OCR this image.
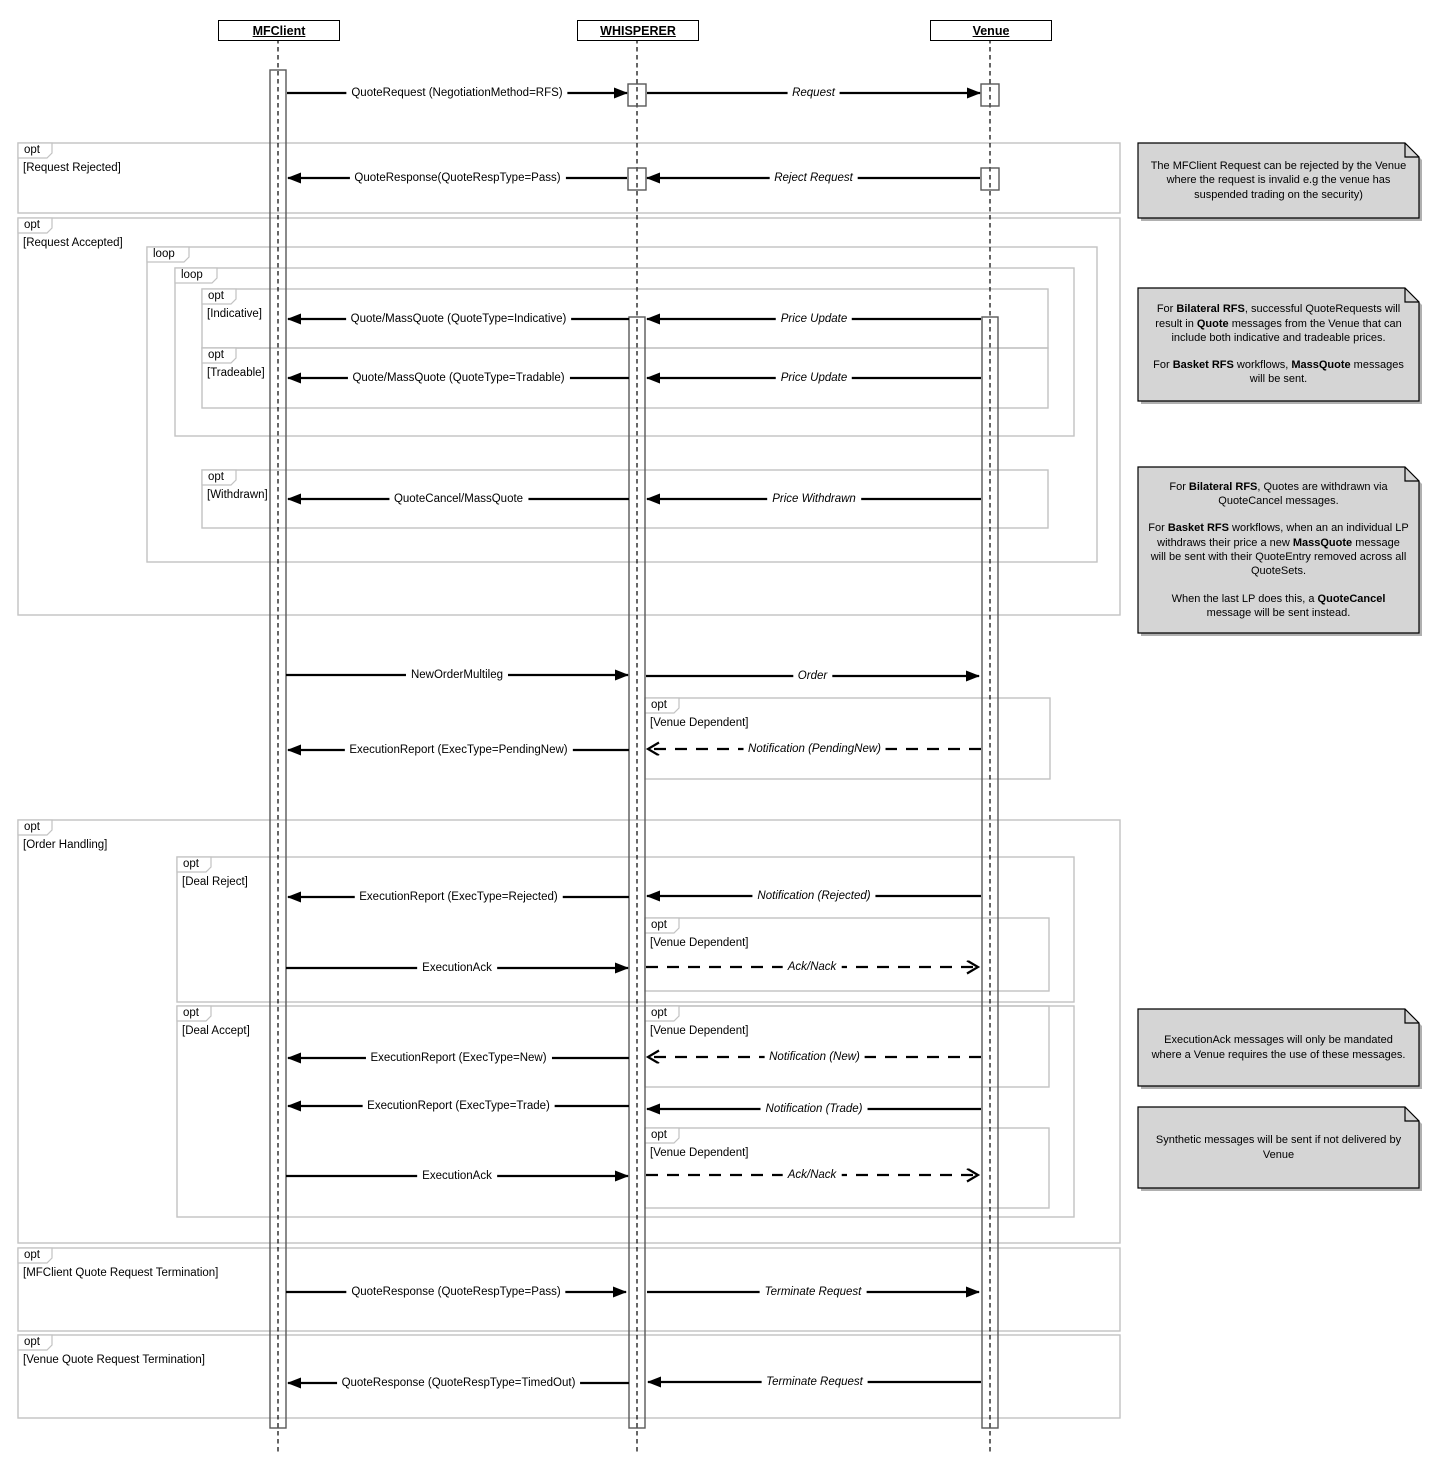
opt
[Request Rejected]
opt
[Request Accepted]
loop
loop
opt
[Indicative]
opt
[Tradeable]
opt
[Withdrawn]
opt
[Venue Dependent]
opt
[Order Handling]
opt
[Deal Reject]
opt
[Venue Dependent]
opt
[Deal Accept]
opt
[Venue Dependent]
opt
[Venue Dependent]
opt
[MFClient Quote Request Termination]
opt
[Venue Quote Request Termination]
MFClient	WHISPERER	Venue

The MFClient Request can be rejected by the Venue where the request is invalid e.g the venue has suspended trading on the security)

For Bilateral RFS, successful QuoteRequests will result in Quote messages from the Venue that can include both indicative and tradeable prices.

For Basket RFS workflows, MassQuote messages will be sent.

For Bilateral RFS, Quotes are withdrawn via QuoteCancel messages.

For Basket RFS workflows, when an an individual LP withdraws their price a new MassQuote message will be sent with their QuoteEntry removed across all QuoteSets.

When the last LP does this, a QuoteCancel message will be sent instead.

ExecutionAck messages will only be mandated where a Venue requires the use of these messages.

Synthetic messages will be sent if not delivered by Venue

QuoteRequest (NegotiationMethod=RFS)	Request
QuoteResponse(QuoteRespType=Pass)	Reject Request
Quote/MassQuote (QuoteType=Indicative)	Price Update
Quote/MassQuote (QuoteType=Tradable)	Price Update
QuoteCancel/MassQuote	Price Withdrawn
NewOrderMultileg	Order
ExecutionReport (ExecType=PendingNew)	Notification (PendingNew)
ExecutionReport (ExecType=Rejected)	Notification (Rejected)
ExecutionAck	Ack/Nack
ExecutionReport (ExecType=New)	Notification (New)
ExecutionReport (ExecType=Trade)	Notification (Trade)
ExecutionAck	Ack/Nack
QuoteResponse (QuoteRespType=Pass)	Terminate Request
QuoteResponse (QuoteRespType=TimedOut)	Terminate Request
